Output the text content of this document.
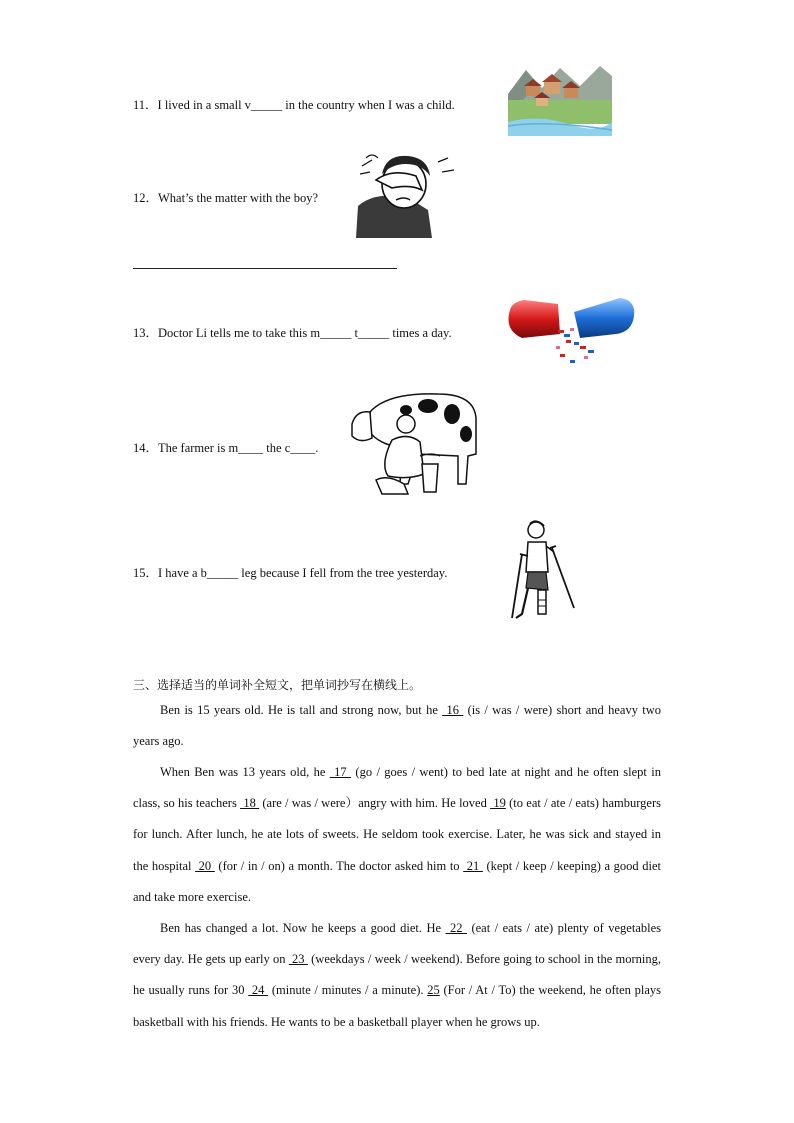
11．I lived in a small v_____ in the country when I was a child.
12．What’s the matter with the boy?
13．Doctor Li tells me to take this m_____ t_____ times a day.
14．The farmer is m____ the c____.
15．I have a b_____ leg because I fell from the tree yesterday.
三、选择适当的单词补全短文，把单词抄写在横线上。
Ben is 15 years old. He is tall and strong now, but he  16  (is / was / were) short and heavy two years ago.
When Ben was 13 years old, he  17  (go / goes / went) to bed late at night and he often slept in class, so his teachers  18  (are / was / were）angry with him. He loved  19 (to eat / ate / eats) hamburgers for lunch. After lunch, he ate lots of sweets. He seldom took exercise. Later, he was sick and stayed in the hospital  20  (for / in / on) a month. The doctor asked him to  21  (kept / keep / keeping) a good diet and take more exercise.
Ben has changed a lot. Now he keeps a good diet. He  22  (eat / eats / ate) plenty of vegetables every day. He gets up early on  23  (weekdays / week / weekend). Before going to school in the morning, he usually runs for 30  24  (minute / minutes / a minute). 25 (For / At / To) the weekend, he often plays basketball with his friends. He wants to be a basketball player when he grows up.
